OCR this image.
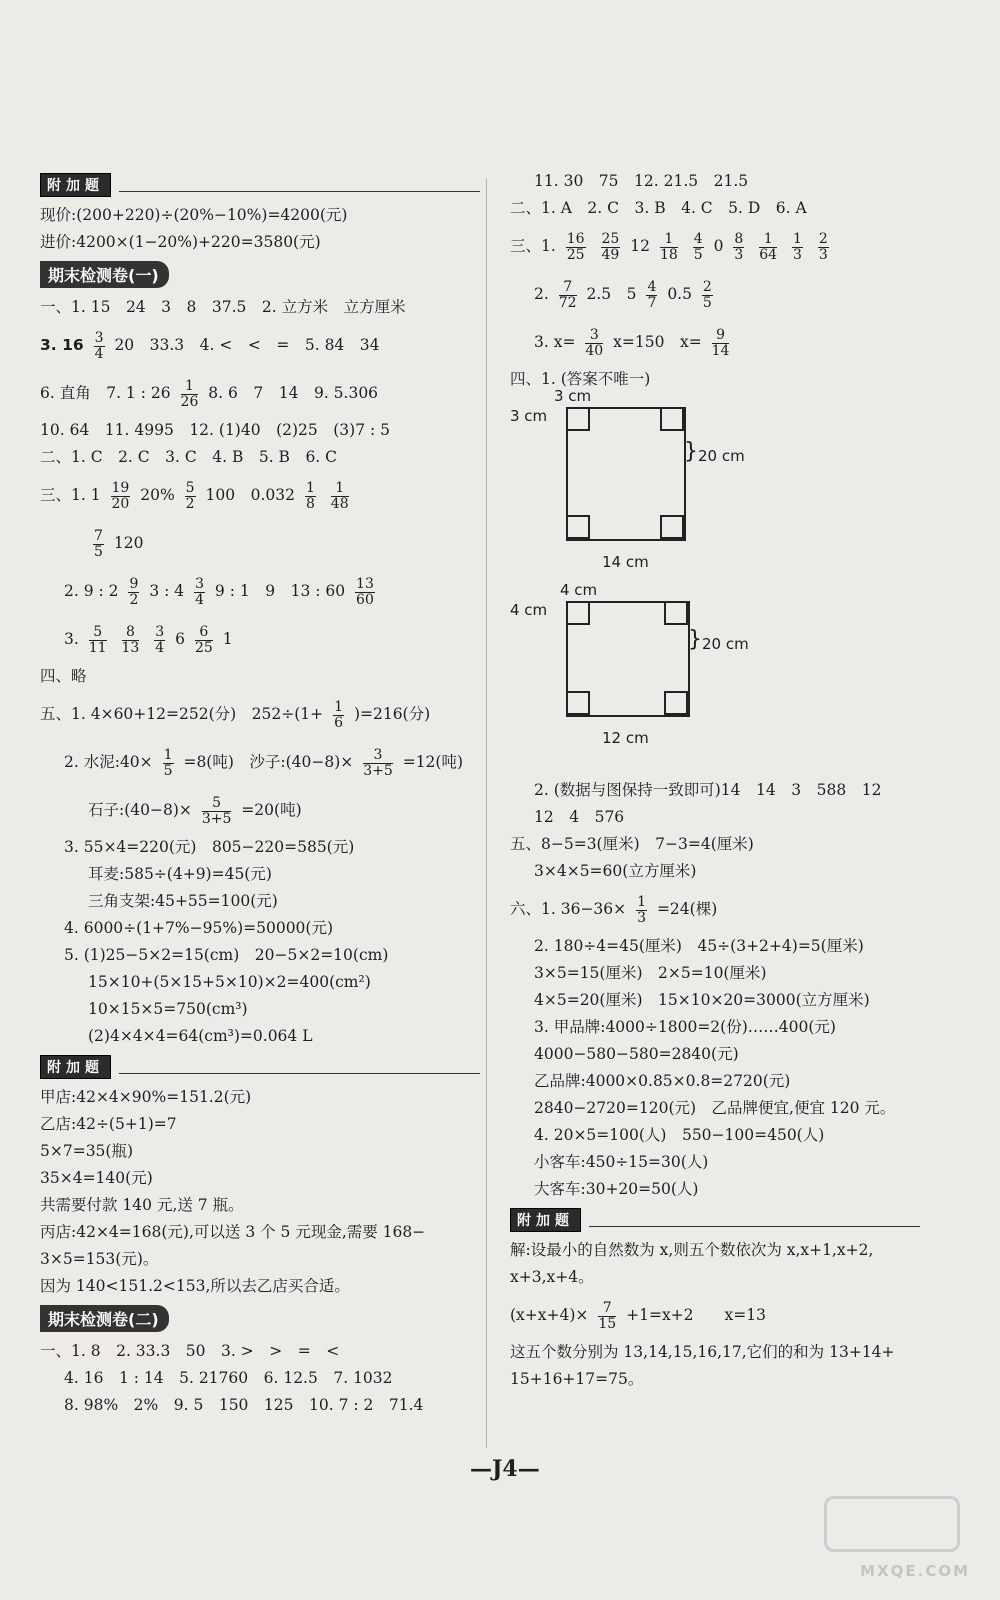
附加题
现价:(200+220)÷(20%−10%)=4200(元)
进价:4200×(1−20%)+220=3580(元)
期末检测卷(一)
一、1. 15　24　3　8　37.5　2. 立方米　立方厘米
3. $16 \frac{3}{4} 20$　33.3　4. <　<　=　5. 84　34
6. 直角　7. 1 : $26 \frac{1}{26} 8$. 6　7　14　9. 5.306
10. 64　11. 4995　12. (1)40　(2)25　(3)7 : 5
二、1. C　2. C　3. C　4. B　5. B　6. C
三、1. $1 \frac{19}{20} 20\% \frac{5}{2} 100$　$0.032 \frac{1}{8}$
$\frac{1}{48}$
$\frac{7}{5} 120$
2. 9 : $2 \frac{9}{2} 3$ : $4 \frac{3}{4} 9$ : 1　9　13 : $60 \frac{13}{60}$
3. $\frac{5}{11}$
$\frac{8}{13}$
$\frac{3}{4} 6 \frac{6}{25} 1$
四、略
五、1. 4×60+12=252(分)　$252\div(1+ \frac{1}{6} )=216$(分)
2. 水泥:40× $\frac{1}{5} =8$(吨)　沙子:(40−8)× $\frac{3}{3+5} =12$(吨)
石子:(40−8)× $\frac{5}{3+5} =20$(吨)
3. 55×4=220(元)　805−220=585(元)
耳麦:585÷(4+9)=45(元)
三角支架:45+55=100(元)
4. 6000÷(1+7%−95%)=50000(元)
5. (1)25−5×2=15(cm)　20−5×2=10(cm)
15×10+(5×15+5×10)×2=400(cm²)
10×15×5=750(cm³)
(2)4×4×4=64(cm³)=0.064 L
附加题
甲店:42×4×90%=151.2(元)
乙店:42÷(5+1)=7
5×7=35(瓶)
35×4=140(元)
共需要付款 140 元,送 7 瓶。
丙店:42×4=168(元),可以送 3 个 5 元现金,需要 168−
3×5=153(元)。
因为 140<151.2<153,所以去乙店买合适。
期末检测卷(二)
一、1. 8　2. 33.3　50　3. >　>　=　<
4. 16　1 : 14　5. 21760　6. 12.5　7. 1032
8. 98%　2%　9. 5　150　125　10. 7 : 2　71.4
11. 30　75　12. 21.5　21.5
二、1. A　2. C　3. B　4. C　5. D　6. A
三、1. $\frac{16}{25}$
$\frac{25}{49} 12 \frac{1}{18}$
$\frac{4}{5} 0 \frac{8}{3}$
$\frac{1}{64}$
$\frac{1}{3}$
$\frac{2}{3}$
2. $\frac{7}{72} 2.5$　$5 \frac{4}{7} 0.5 \frac{2}{5}$
3. $x= \frac{3}{40} x=150$　$x= \frac{9}{14}$
四、1. (答案不唯一)
3 cm
3 cm
} 20 cm
14 cm
4 cm
4 cm
} 20 cm
12 cm
2. (数据与图保持一致即可)14　14　3　588　12
12　4　576
五、8−5=3(厘米)　7−3=4(厘米)
3×4×5=60(立方厘米)
六、1. $36-36\times \frac{1}{3} =24$(棵)
2. 180÷4=45(厘米)　45÷(3+2+4)=5(厘米)
3×5=15(厘米)　2×5=10(厘米)
4×5=20(厘米)　15×10×20=3000(立方厘米)
3. 甲品牌:4000÷1800=2(份)……400(元)
4000−580−580=2840(元)
乙品牌:4000×0.85×0.8=2720(元)
2840−2720=120(元)　乙品牌便宜,便宜 120 元。
4. 20×5=100(人)　550−100=450(人)
小客车:450÷15=30(人)
大客车:30+20=50(人)
附加题
解:设最小的自然数为 x,则五个数依次为 x,x+1,x+2,
x+3,x+4。
$(x+x+4)\times \frac{7}{15} +1=x+2$　　x=13
这五个数分别为 13,14,15,16,17,它们的和为 13+14+
15+16+17=75。
—J4—
MXQE.COM
